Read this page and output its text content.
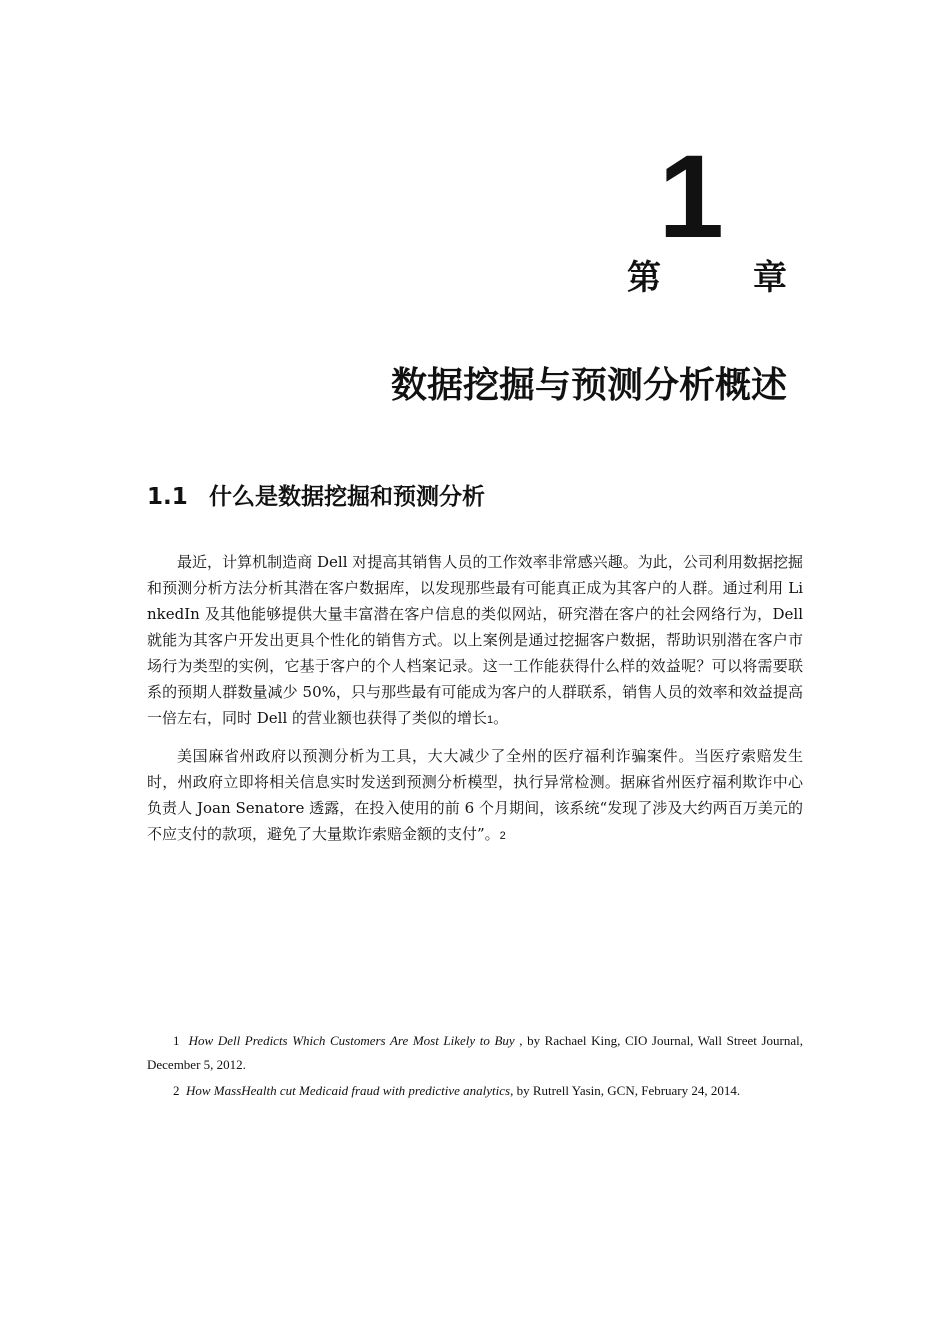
1
第	章
数据挖掘与预测分析概述
1.1 什么是数据挖掘和预测分析

最近，计算机制造商 Dell 对提高其销售人员的工作效率非常感兴趣。为此，公司利用数据挖掘和预测分析方法分析其潜在客户数据库，以发现那些最有可能真正成为其客户的人群。通过利用 LinkedIn 及其他能够提供大量丰富潜在客户信息的类似网站，研究潜在客户的社会网络行为，Dell 就能为其客户开发出更具个性化的销售方式。以上案例是通过挖掘客户数据，帮助识别潜在客户市场行为类型的实例，它基于客户的个人档案记录。这一工作能获得什么样的效益呢？可以将需要联系的预期人群数量减少 50%，只与那些最有可能成为客户的人群联系，销售人员的效率和效益提高一倍左右，同时 Dell 的营业额也获得了类似的增长1。

美国麻省州政府以预测分析为工具，大大减少了全州的医疗福利诈骗案件。当医疗索赔发生时，州政府立即将相关信息实时发送到预测分析模型，执行异常检测。据麻省州医疗福利欺诈中心负责人 Joan Senatore 透露，在投入使用的前 6 个月期间，该系统“发现了涉及大约两百万美元的不应支付的款项，避免了大量欺诈索赔金额的支付”。2

1 How Dell Predicts Which Customers Are Most Likely to Buy , by Rachael King, CIO Journal, Wall Street Journal, December 5, 2012.

2 How MassHealth cut Medicaid fraud with predictive analytics, by Rutrell Yasin, GCN, February 24, 2014.
